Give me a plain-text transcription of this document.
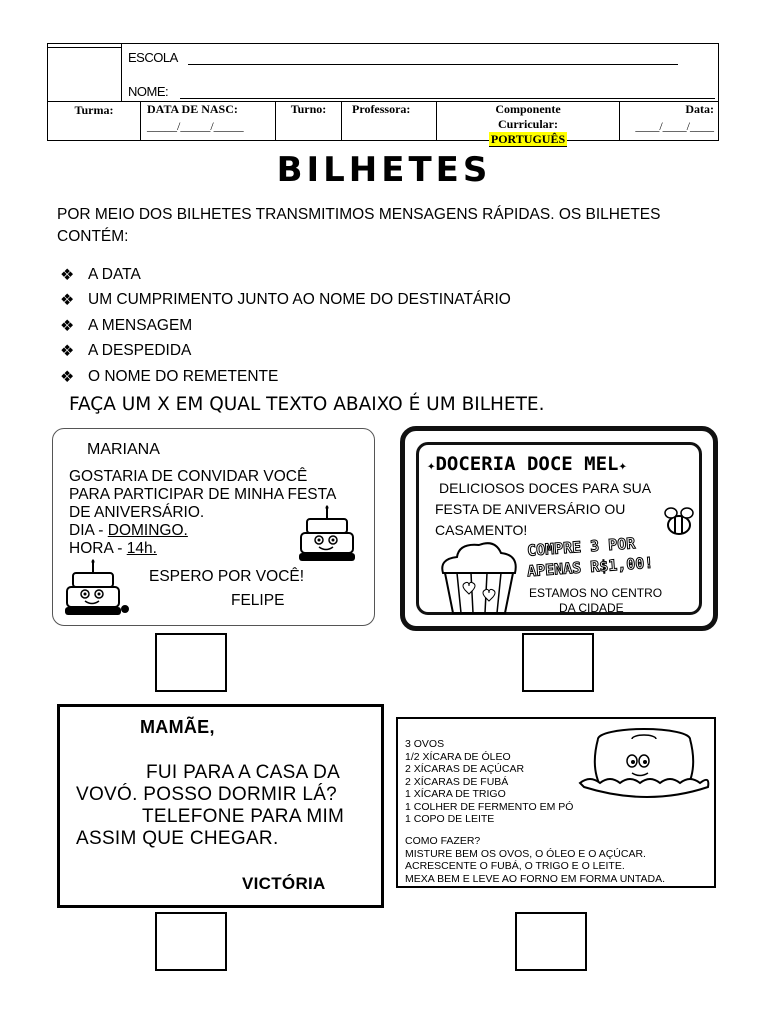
ESCOLA
NOME:
Turma:	DATA DE NASC:
_____/_____/_____
Turno:	Professora:	Componente
Curricular:
PORTUGUÊS
Data:
____/____/____
BILHETES
POR MEIO DOS BILHETES TRANSMITIMOS MENSAGENS RÁPIDAS. OS BILHETES CONTÉM:
❖ A DATA
❖ UM CUMPRIMENTO JUNTO AO NOME DO DESTINATÁRIO
❖ A MENSAGEM
❖ A DESPEDIDA
❖ O NOME DO REMETENTE
FAÇA UM X EM QUAL TEXTO ABAIXO É UM BILHETE.
MARIANA
GOSTARIA DE CONVIDAR VOCÊ
PARA PARTICIPAR DE MINHA FESTA
DE ANIVERSÁRIO.
DIA - DOMINGO.
HORA - 14h.
ESPERO POR VOCÊ!
FELIPE
✦DOCERIA DOCE MEL✦
DELICIOSOS DOCES PARA SUA
FESTA DE ANIVERSÁRIO OU
CASAMENTO!
COMPRE 3 POR
APENAS R$1,00!
ESTAMOS NO CENTRO
DA CIDADE
MAMÃE,
FUI PARA A CASA DA
VOVÓ. POSSO DORMIR LÁ?
TELEFONE PARA MIM
ASSIM QUE CHEGAR.
VICTÓRIA
3 OVOS
1/2 XÍCARA DE ÓLEO
2 XÍCARAS DE AÇÚCAR
2 XÍCARAS DE FUBÁ
1 XÍCARA DE TRIGO
1 COLHER DE FERMENTO EM PÓ
1 COPO DE LEITE
COMO FAZER?
MISTURE BEM OS OVOS, O ÓLEO E O AÇÚCAR.
ACRESCENTE O FUBÁ, O TRIGO E O LEITE.
MEXA BEM E LEVE AO FORNO EM FORMA UNTADA.
